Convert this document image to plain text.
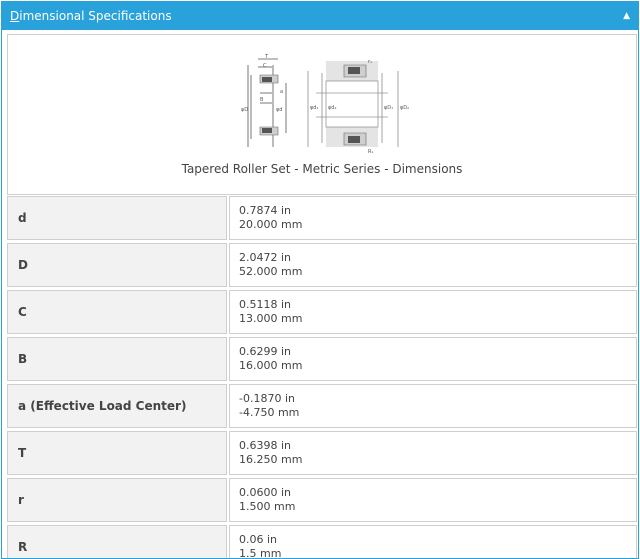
Dimensional Specifications	▲
T
C
B
φD	φd
a
φd₁ φd₂	φD₁ φD₂
r₁
R₁
Tapered Roller Set - Metric Series - Dimensions
d
0.7874 in
20.000 mm
D
2.0472 in
52.000 mm
C
0.5118 in
13.000 mm
B
0.6299 in
16.000 mm
a (Effective Load Center)
-0.1870 in
-4.750 mm
T
0.6398 in
16.250 mm
r
0.0600 in
1.500 mm
R
0.06 in
1.5 mm
